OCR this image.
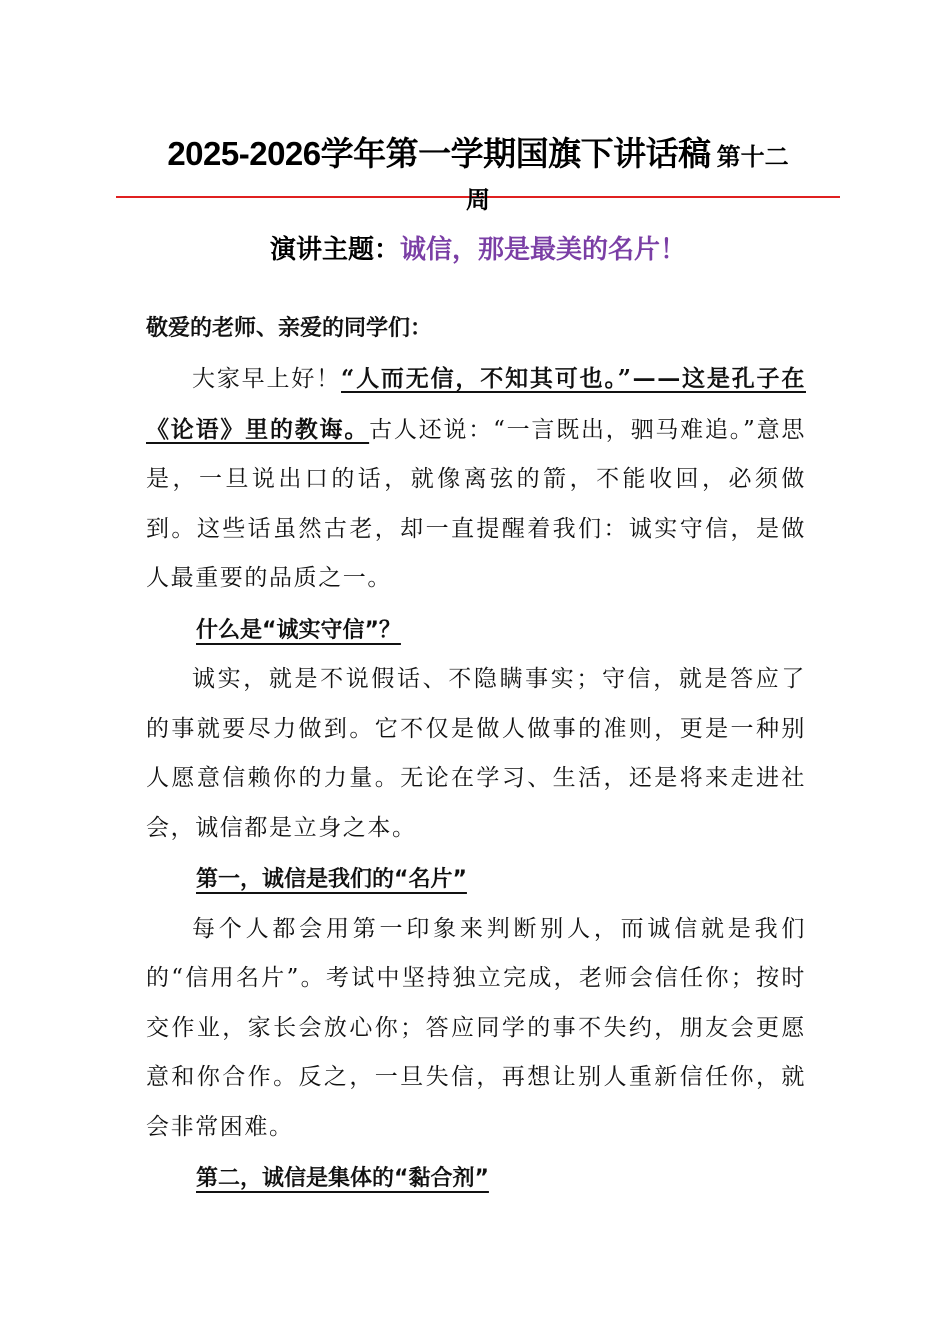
2025-2026学年第一学期国旗下讲话稿 第十二

周
演讲主题：诚信，那是最美的名片！

敬爱的老师、亲爱的同学们：

大家早上好！“人而无信，不知其可也。”——这是孔子在《论语》里的教诲。古人还说：“一言既出，驷马难追。”意思是，一旦说出口的话，就像离弦的箭，不能收回，必须做到。这些话虽然古老，却一直提醒着我们：诚实守信，是做人最重要的品质之一。

什么是“诚实守信”？

诚实，就是不说假话、不隐瞒事实；守信，就是答应了的事就要尽力做到。它不仅是做人做事的准则，更是一种别人愿意信赖你的力量。无论在学习、生活，还是将来走进社会，诚信都是立身之本。

第一，诚信是我们的“名片”

每个人都会用第一印象来判断别人，而诚信就是我们的“信用名片”。考试中坚持独立完成，老师会信任你；按时交作业，家长会放心你；答应同学的事不失约，朋友会更愿意和你合作。反之，一旦失信，再想让别人重新信任你，就会非常困难。

第二，诚信是集体的“黏合剂”
